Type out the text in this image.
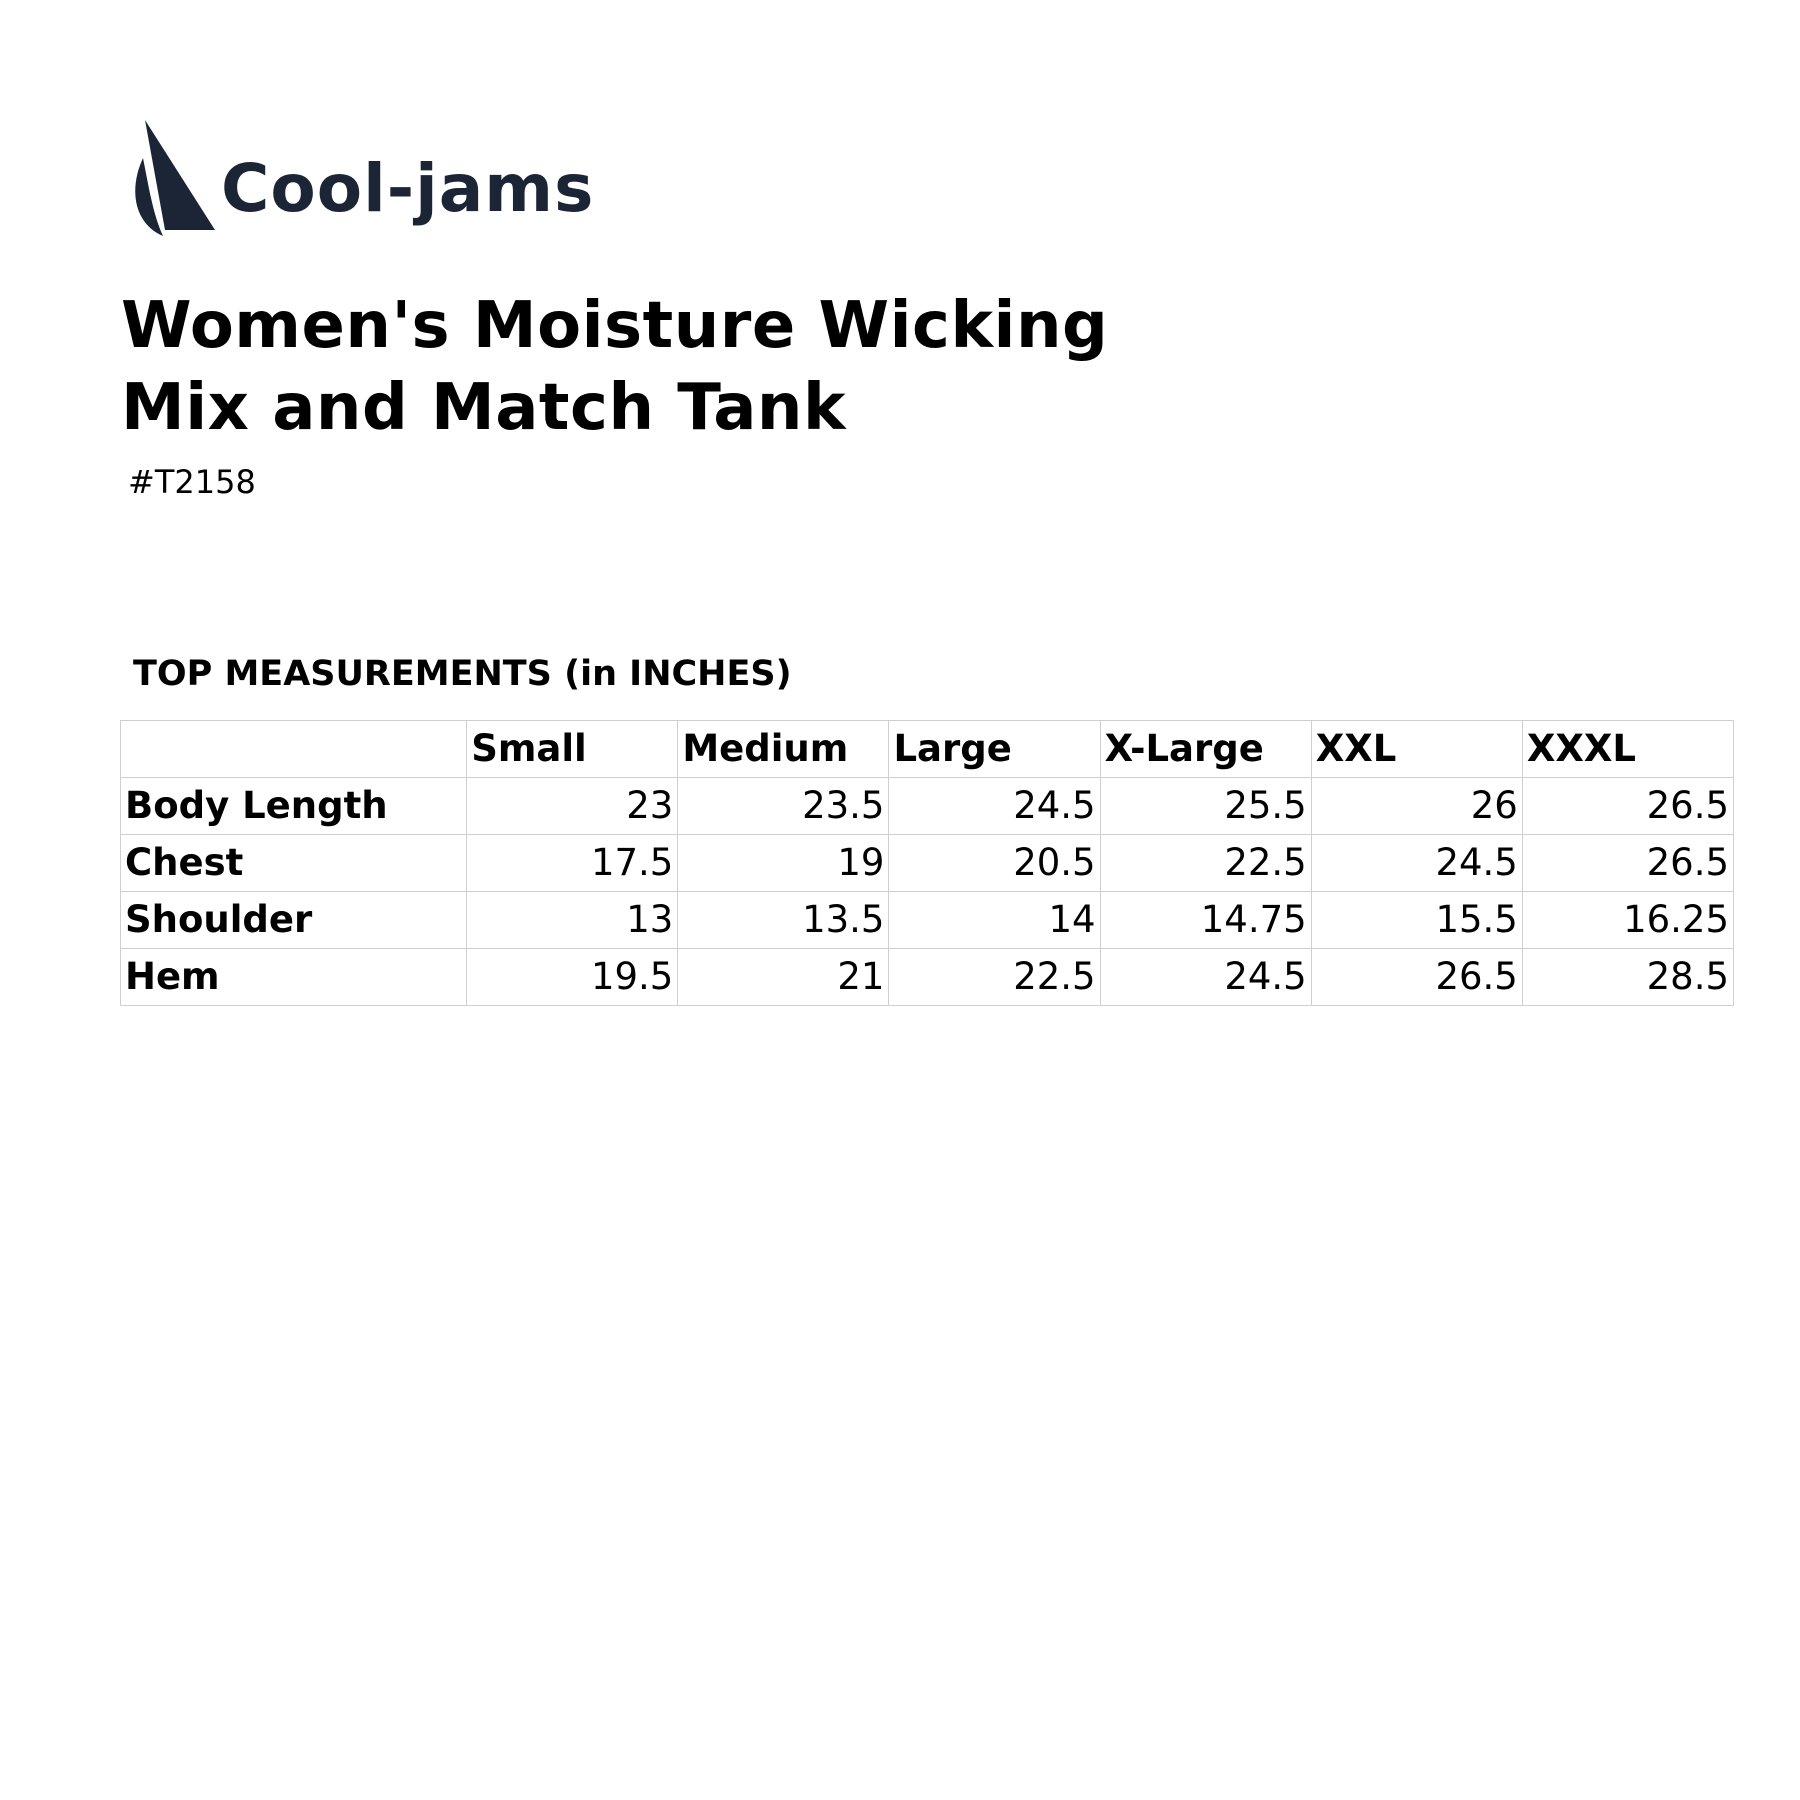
Cool-jams
Women's Moisture Wicking
Mix and Match Tank
#T2158
TOP MEASUREMENTS (in INCHES)
	Small	Medium	Large	X-Large	XXL	XXXL
Body Length	23	23.5	24.5	25.5	26	26.5
Chest	17.5	19	20.5	22.5	24.5	26.5
Shoulder	13	13.5	14	14.75	15.5	16.25
Hem	19.5	21	22.5	24.5	26.5	28.5
